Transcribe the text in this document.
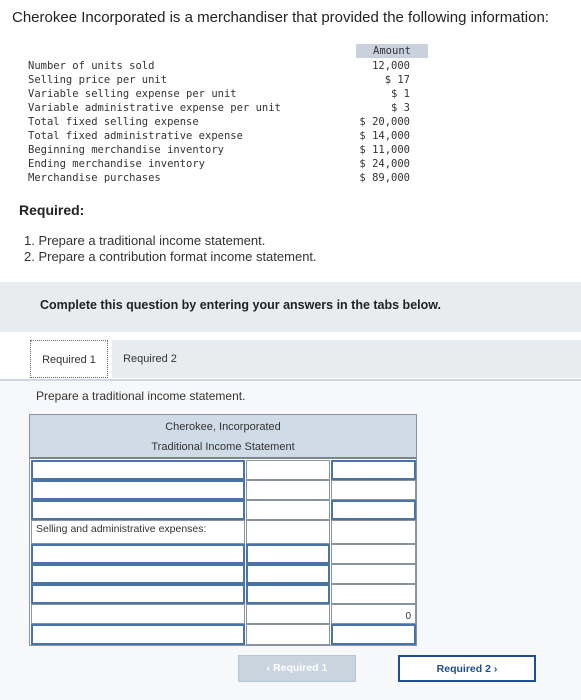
Cherokee Incorporated is a merchandiser that provided the following information:
Amount
Number of units sold	12,000
Selling price per unit	$ 17
Variable selling expense per unit	$ 1
Variable administrative expense per unit	$ 3
Total fixed selling expense	$ 20,000
Total fixed administrative expense	$ 14,000
Beginning merchandise inventory	$ 11,000
Ending merchandise inventory	$ 24,000
Merchandise purchases	$ 89,000
Required:
1. Prepare a traditional income statement.
2. Prepare a contribution format income statement.
Complete this question by entering your answers in the tabs below.
Required 1	Required 2
Prepare a traditional income statement.
Cherokee, Incorporated
Traditional Income Statement
Selling and administrative expenses:
0
‹ Required 1	Required 2 ›
